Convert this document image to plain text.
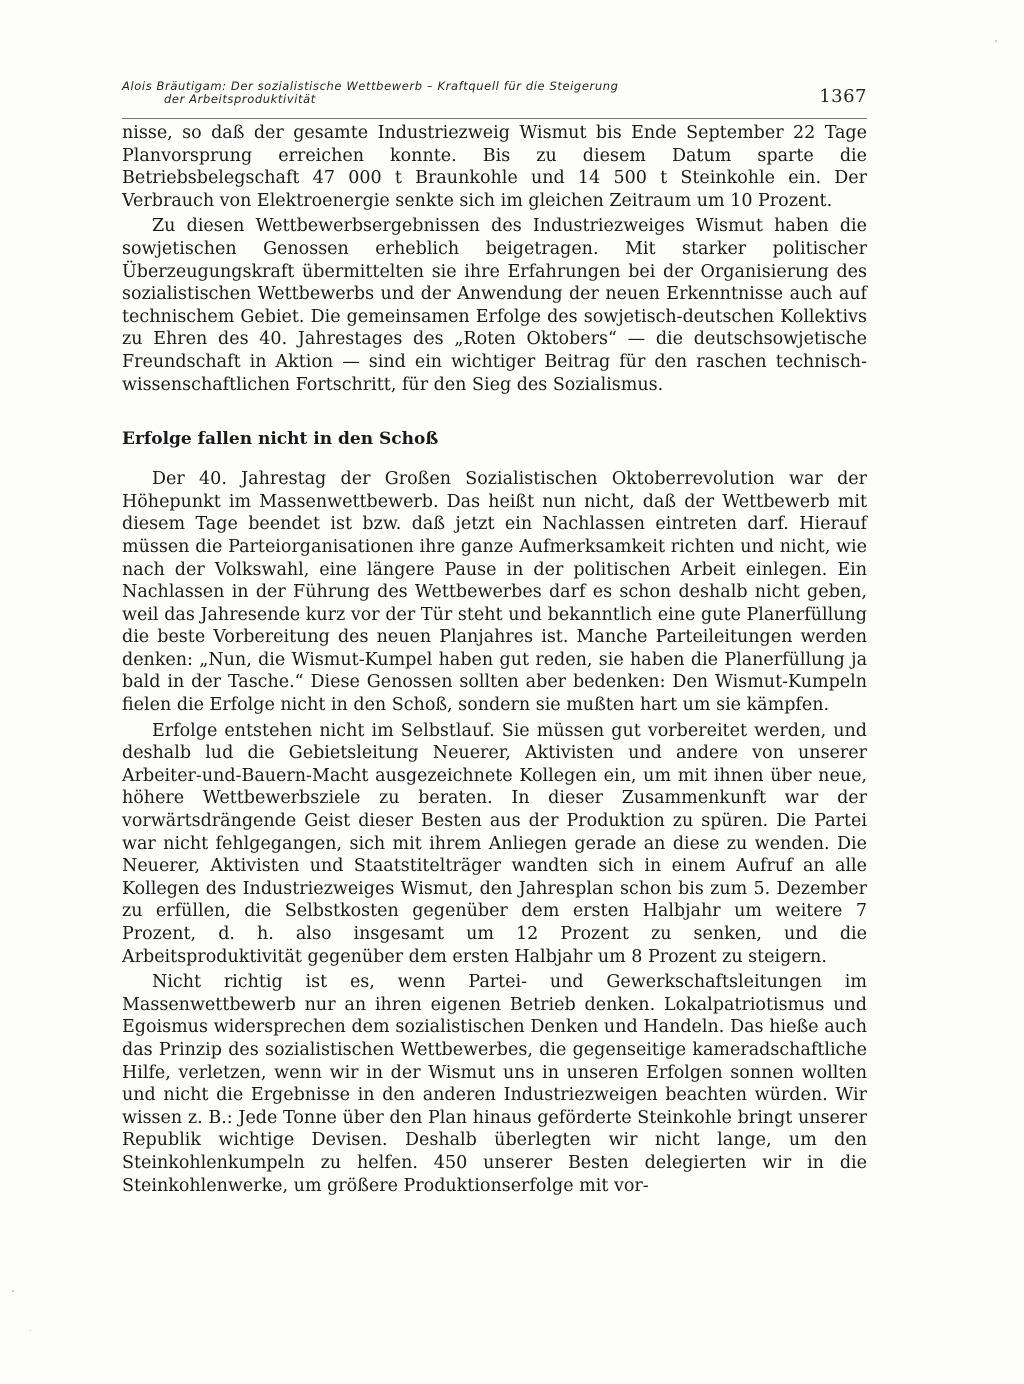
Alois Bräutigam: Der sozialistische Wettbewerb – Kraftquell für die Steigerung
der Arbeitsproduktivität	1367

nisse, so daß der gesamte Industriezweig Wismut bis Ende September 22 Tage Planvorsprung erreichen konnte. Bis zu diesem Datum sparte die Betriebsbelegschaft 47 000 t Braunkohle und 14 500 t Steinkohle ein. Der Verbrauch von Elektroenergie senkte sich im gleichen Zeitraum um 10 Prozent.

Zu diesen Wettbewerbsergebnissen des Industriezweiges Wismut haben die sowjetischen Genossen erheblich beigetragen. Mit starker politischer Überzeugungskraft übermittelten sie ihre Erfahrungen bei der Organisierung des sozialistischen Wettbewerbs und der Anwendung der neuen Erkenntnisse auch auf technischem Gebiet. Die gemeinsamen Erfolge des sowjetisch-deutschen Kollektivs zu Ehren des 40. Jahrestages des „Roten Oktobers“ — die deutschsowjetische Freundschaft in Aktion — sind ein wichtiger Beitrag für den raschen technisch-wissenschaftlichen Fortschritt, für den Sieg des Sozialismus.

Erfolge fallen nicht in den Schoß

Der 40. Jahrestag der Großen Sozialistischen Oktoberrevolution war der Höhepunkt im Massenwettbewerb. Das heißt nun nicht, daß der Wettbewerb mit diesem Tage beendet ist bzw. daß jetzt ein Nachlassen eintreten darf. Hierauf müssen die Parteiorganisationen ihre ganze Aufmerksamkeit richten und nicht, wie nach der Volkswahl, eine längere Pause in der politischen Arbeit einlegen. Ein Nachlassen in der Führung des Wettbewerbes darf es schon deshalb nicht geben, weil das Jahresende kurz vor der Tür steht und bekanntlich eine gute Planerfüllung die beste Vorbereitung des neuen Planjahres ist. Manche Parteileitungen werden denken: „Nun, die Wismut-Kumpel haben gut reden, sie haben die Planerfüllung ja bald in der Tasche.“ Diese Genossen sollten aber bedenken: Den Wismut-Kumpeln fielen die Erfolge nicht in den Schoß, sondern sie mußten hart um sie kämpfen.

Erfolge entstehen nicht im Selbstlauf. Sie müssen gut vorbereitet werden, und deshalb lud die Gebietsleitung Neuerer, Aktivisten und andere von unserer Arbeiter-und-Bauern-Macht ausgezeichnete Kollegen ein, um mit ihnen über neue, höhere Wettbewerbsziele zu beraten. In dieser Zusammenkunft war der vorwärtsdrängende Geist dieser Besten aus der Produktion zu spüren. Die Partei war nicht fehlgegangen, sich mit ihrem Anliegen gerade an diese zu wenden. Die Neuerer, Aktivisten und Staatstitelträger wandten sich in einem Aufruf an alle Kollegen des Industriezweiges Wismut, den Jahresplan schon bis zum 5. Dezember zu erfüllen, die Selbstkosten gegenüber dem ersten Halbjahr um weitere 7 Prozent, d. h. also insgesamt um 12 Prozent zu senken, und die Arbeitsproduktivität gegenüber dem ersten Halbjahr um 8 Prozent zu steigern.

Nicht richtig ist es, wenn Partei- und Gewerkschaftsleitungen im Massenwettbewerb nur an ihren eigenen Betrieb denken. Lokalpatriotismus und Egoismus widersprechen dem sozialistischen Denken und Handeln. Das hieße auch das Prinzip des sozialistischen Wettbewerbes, die gegenseitige kameradschaftliche Hilfe, verletzen, wenn wir in der Wismut uns in unseren Erfolgen sonnen wollten und nicht die Ergebnisse in den anderen Industriezweigen beachten würden. Wir wissen z. B.: Jede Tonne über den Plan hinaus geförderte Steinkohle bringt unserer Republik wichtige Devisen. Deshalb überlegten wir nicht lange, um den Steinkohlenkumpeln zu helfen. 450 unserer Besten delegierten wir in die Steinkohlenwerke, um größere Produktionserfolge mit vor-
